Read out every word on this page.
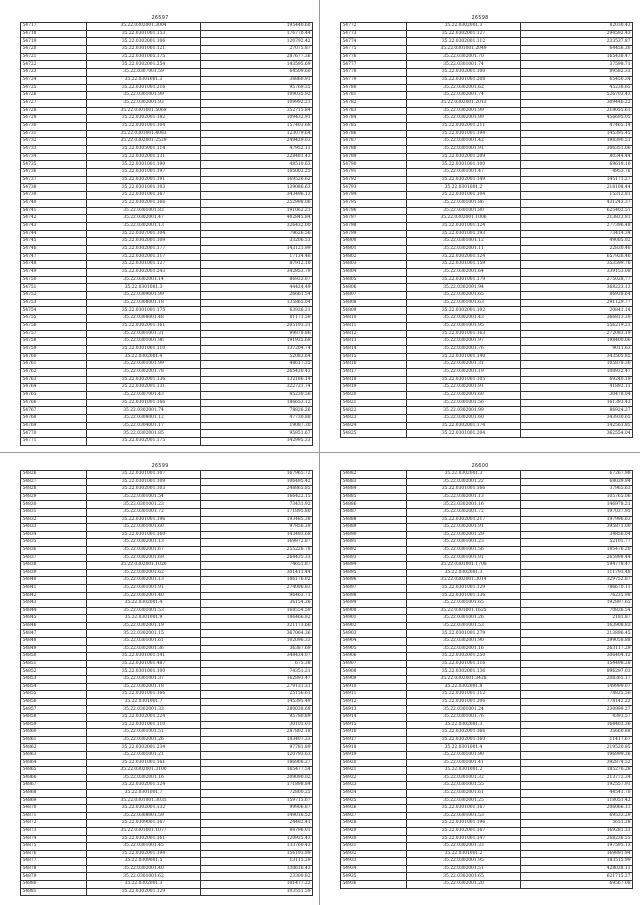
26597
54717	35.22.0302001.3004	195440.60
54718	35.22.0301001.153	176770.44
54719	35.22.0302001.106	120792.42
54720	35.22.0301001.121	27075.87
54721	35.22.0301005.175	287677.36
54722	35.22.0302001.254	143595.69
54723	35.22.0307001.59	64509.60
54724	35.22.0301001.3	38860.91
54725	35.22.0301001.216	95769.35
54726	35.22.0301001.99	109035.92
54727	35.22.0302001.93	109992.21
54728	35.22.0301001.5069	352715.84
54729	35.22.0302001.182	109432.91
54730	35.22.0301001.104	157403.68
54731	35.22.0301001.4083	123079.64
54732	35.22.0302001.2529	249429.03
54733	35.22.0305001.114	47952.11
54734	35.22.0302001.131	228481.43
54735	35.22.0301001.190	48510.63
54736	35.22.0301001.197	185002.25
54737	35.22.0302001.191	169526.62
54738	35.22.0301001.103	139086.63
54739	35.22.0301001.167	343496.13
54740	35.22.0302001.166	252998.06
54741	35.22.0301001.83	191062.21
54742	35.22.0302001.47	402845.84
54743	35.22.0302001.13	326432.00
54744	35.22.0307001.104	79626.56
54745	35.22.0302001.109	33206.53
54746	35.22.0302001.177	143121.99
54747	35.22.0302001.117	17134.46
54748	35.22.0301001.127	87912.10
54749	35.22.0302001.243	342853.79
54750	35.22.0302001.14	86933.07
54751	35.22.0301001.3	44424.49
54752	35.22.0309001.99	26661.54
54753	35.22.0308001.18	135865.04
54754	35.22.0301001.175	63926.21
54755	35.22.0308001.48	81171.58
54756	35.22.0302001.161	205193.31
54757	35.22.0301001.31	99878.86
54758	35.22.0301001.96	191935.68
54759	35.22.0301001.110	137204.74
54760	35.22.0302001.4	52083.64
54761	35.22.0301001.99	48617.35
54762	35.22.0302001.78	265430.43
54763	35.22.0302001.136	132186.14
54764	35.22.0302001.131	322721.74
54765	35.22.0307001.43	85230.56
54766	35.22.0301001.166	186653.12
54767	35.22.0302001.74	78826.26
54768	35.22.0308001.12	47730.88
54769	35.22.0304001.17	19087.30
54770	35.22.0302001.85	95851.67
54771	35.22.0302001.175	142995.33
26598
54772	35.22.0302001.3	82030.43
54773	35.22.0302001.127	294592.43
54774	35.22.0302001.112	233537.87
54775	35.22.0301001.2049	64456.30
54776	35.22.0302001.70	165438.47
54777	35.22.0301001.74	37598.71
54778	35.22.0302001.100	89582.33
54779	35.22.0301001.208	65450.34
54780	35.22.0302001.62	45238.65
54781	35.22.0302001.74	526703.43
54782	35.22.0302001.2013	309446.22
54783	35.22.0302001.99	218055.61
54784	35.22.0302001.99	456695.05
54785	35.22.0302001.211	47465.14
54786	35.22.0301001.194	145395.45
54787	35.22.0301001.42	198390.51
54788	35.22.0301001.91	306351.06
54789	35.22.0302001.209	80344.44
54790	35.22.0301001.100	69619.10
54791	35.22.0301001.47	4953.76
54792	35.22.0302001.149	145171.27
54793	35.22.0301001.2	218108.44
54794	35.22.0301001.104	15312.81
54795	35.22.0301001.86	431243.37
54796	35.22.0301001.80	625402.51
54797	35.22.0302001.1006	213823.81
54798	35.22.0301001.124	277396.48
54799	35.22.0301001.193	73414.34
54800	35.22.0301001.12	49005.02
54801	35.22.0302001.11	22830.46
54802	35.22.0302001.124	657926.46
54803	35.22.0301001.159	353599.76
54804	35.22.0302001.64	339153.08
54805	35.22.0301001.179	275028.77
54806	35.22.0302001.94	368223.13
54807	35.22.0302001.65	86938.64
54808	35.22.0301001.63	291129.77
54809	35.22.0302001.102	20841.14
54810	35.22.0302001.43	366813.39
54811	35.22.0301001.95	556219.21
54812	35.22.0301001.163	272083.19
54813	35.22.0302001.97	198400.06
54814	35.22.0302001.76	9011.63
54815	35.22.0301001.140	343505.85
54816	35.22.0302001.31	105878.30
54817	35.22.0302001.19	108932.47
54818	35.22.0301001.105	69240.19
54819	35.22.0302001.91	41892.11
54820	35.22.0302001.60	30478.04
54821	35.22.0301001.56	161393.43
54822	35.22.0302001.99	86924.27
54823	35.22.0302001.60	343930.65
54824	35.22.0302001.174	142563.85
54825	35.22.0301001.204	362554.04
26599
54826	35.22.0301001.107	167965.72
54827	35.22.0301001.109	106495.42
54828	35.22.0302001.103	248865.85
54829	35.22.0301001.54	166422.15
54830	35.22.0301001.23	73431.92
54831	35.22.0301001.72	171895.80
54832	35.22.0301001.196	193485.38
54833	35.22.0301001.60	97856.39
54834	35.22.0301001.160	143493.68
54835	35.22.0302001.13	169872.87
54836	35.22.0302001.67	255226.78
54837	35.22.0302001.69	264435.33
54838	35.22.0302001.1020	74651.87
54839	35.22.0302001.62	301411.44
54840	35.22.0302001.13	186176.02
54841	35.22.0301001.91	274096.83
54842	35.22.0302001.40	96463.71
54843	35.22.0302001.4	36154.26
54844	35.22.0301001.53	168554.59
54845	35.22.0301001.9	186466.82
54846	35.22.0302001.19	321173.66
54847	35.22.0302001.15	367064.36
54848	35.22.0301001.61	102096.33
54849	35.22.0302001.36	36387.69
54850	35.22.0301001.141	348434.07
54851	35.22.0301001.487	675.38
54852	35.22.0301001.100	74351.21
54853	35.22.0301001.37	162893.47
54854	35.22.0302001.18	279131.31
54855	35.22.0301001.166	25156.61
54856	35.22.0301001.7	145395.49
54857	35.22.0302001.33	280038.68
54858	35.22.0302001.224	95780.89
54859	35.22.0301001.110	30101.01
54860	35.22.0301001.51	287802.18
54861	35.22.0302001.26	183407.33
54862	35.22.0302001.234	97781.89
54863	35.22.0301001.21	120793.63
54864	35.22.0301001.161	186906.27
54865	35.22.0302001.3100	165477.54
54866	35.22.0302001.16	209090.02
54867	35.22.0302001.124	171898.84
54868	35.22.0301001.7	72800.25
54869	35.22.0301001.3035	159715.67
54870	35.22.0302001.132	99906.87
54871	35.22.0308001.59	149016.52
54872	35.22.0309001.167	24482.41
54873	35.22.0301001.1077	84796.01
54874	35.22.0302001.161	120935.43
54875	35.22.0301001.45	133760.43
54876	35.22.0302001.194	156193.99
54877	35.22.0309001.5	13115.29
54878	35.22.0302001.40	130616.43
54879	35.22.0301001.62	23300.82
54880	35.22.0302001.3	101477.22
54881	35.22.0302001.129	103551.59
26600
54882	35.22.0302001.3	67267.98
54883	35.22.0302001.22	68039.94
54884	35.22.0301001.166	37965.63
54885	35.22.0302001.13	105765.06
54886	35.22.0302001.16	146978.21
54887	35.22.0302001.72	197037.95
54888	35.22.0302001.217	197996.63
54889	35.22.0302001.91	395871.00
54890	35.22.0302001.29	34856.04
54891	35.22.0301001.23	52101.77
54892	35.22.0301001.56	185476.20
54893	35.22.0301001.91	265998.44
54894	35.22.0301001.1708	594778.47
54895	35.22.0302001.3	111793.48
54896	35.22.0302001.3014	329752.87
54897	35.22.0301001.129	786670.11
54898	35.22.0301001.136	76235.98
54899	35.22.0301001.65	192897.65
54900	35.22.0301001.1625	70826.54
54901	35.22.0301001.26	2181.87
54902	35.22.0301001.53	163908.83
54903	35.22.0301001.279	213896.45
54904	35.22.0302001.90	299058.88
54905	35.22.0302001.16	263117.29
54906	35.22.0302001.250	306404.12
54907	35.22.0301001.116	154498.28
54908	35.22.0302001.136	896297.03
54909	35.22.0302001.3428	208365.17
54910	35.22.0302001.8	149999.07
54911	35.22.0301001.112	78825.56
54912	35.22.0301001.206	778142.22
54913	35.22.0301001.24	230999.27
54914	35.22.0301001.76	4393.57
54915	35.22.0302001.3	164403.36
54916	35.22.0302001.366	35660.88
54917	35.22.0302001.160	11417.67
54918	35.22.0301001.4	219520.85
54919	35.22.0301001.90	196999.36
54920	35.22.0301001.41	392874.52
54921	35.22.0301001.2	185276.28
54922	35.22.0301001.32	213772.34
54923	35.22.0301001.55	192557.91
54924	35.22.0302001.61	44541.70
54925	35.22.0302001.25	118051.42
54926	35.22.0301001.167	206066.11
54927	35.22.0301001.53	69533.29
54928	35.22.0301001.196	5651.28
54929	35.22.0302001.167	169281.33
54930	35.22.0301001.147	268236.55
54931	35.22.0302001.33	197595.13
54932	35.22.0301001.2	169891.94
54933	35.22.0302001.95	183515.99
54934	35.22.0302001.51	428038.11
54935	35.22.0302001.65	621715.27
54936	35.22.0302001.20	69567.08
